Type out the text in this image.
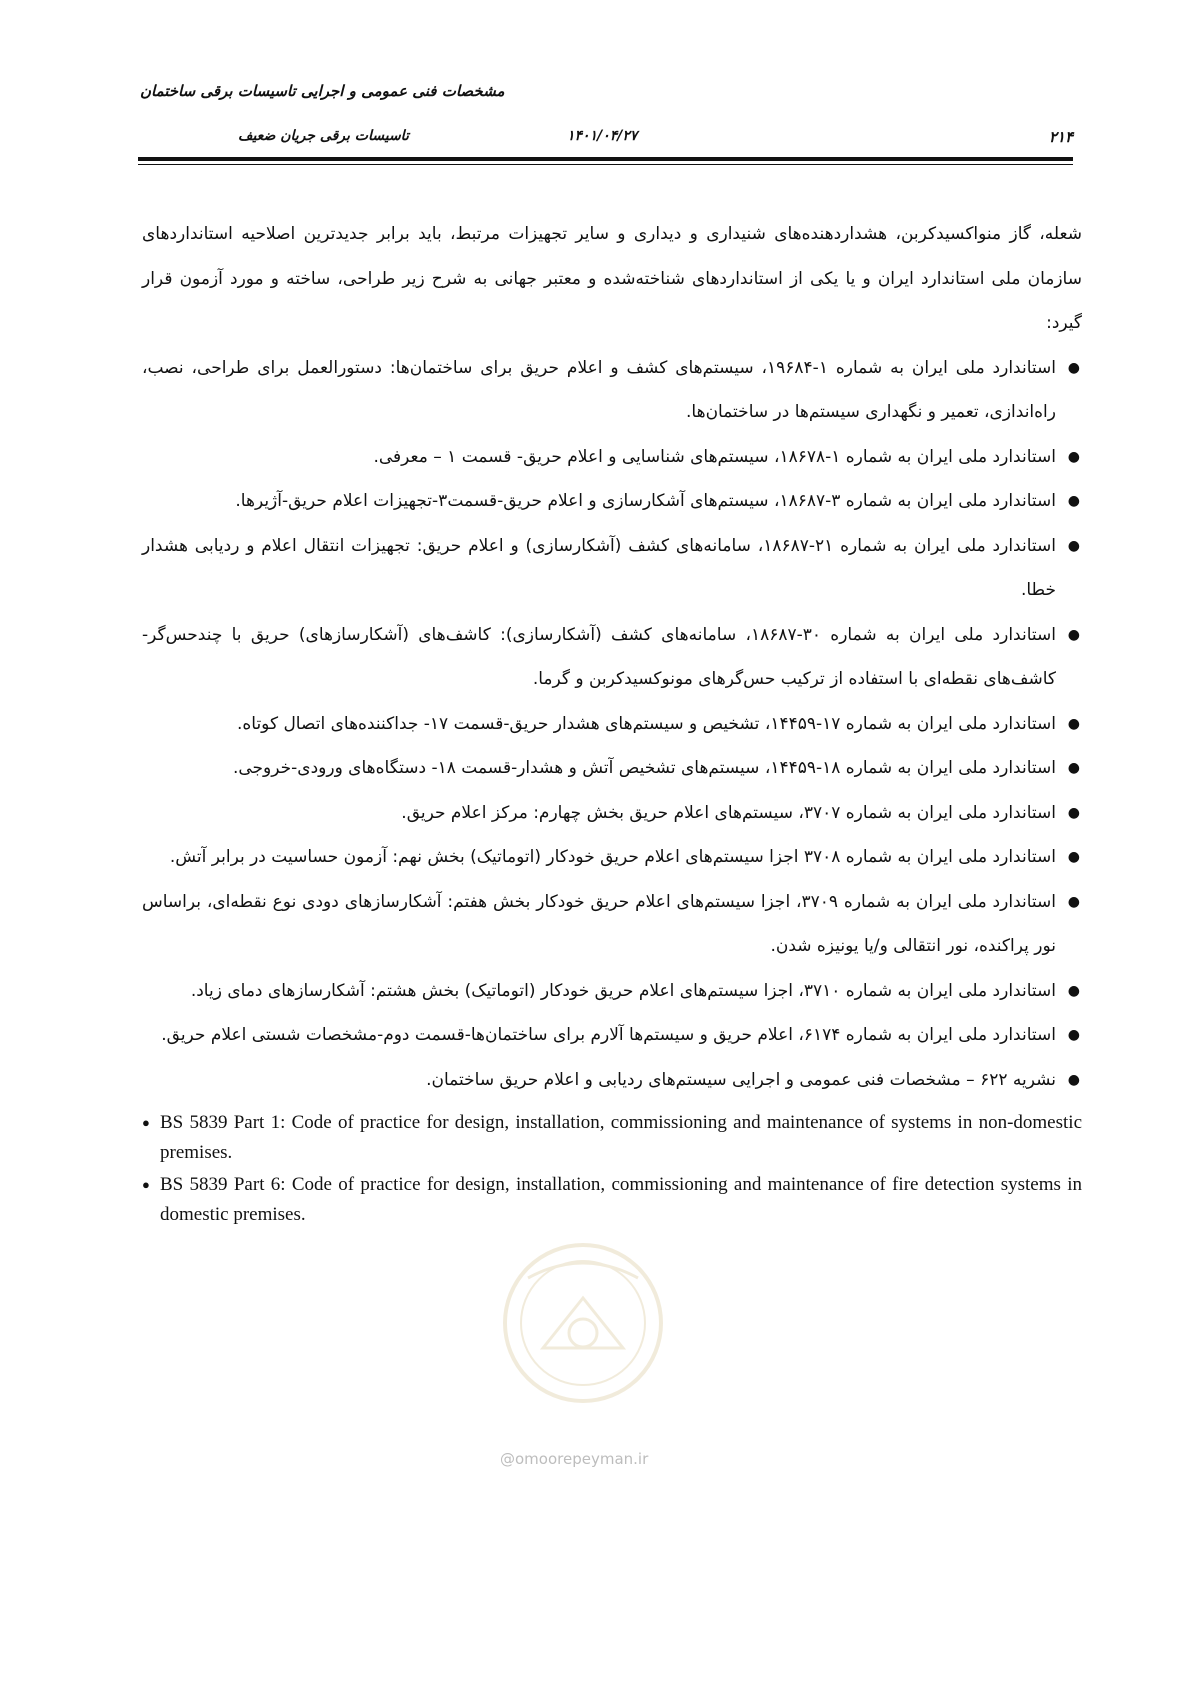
مشخصات فنی عمومی و اجرایی تاسیسات برقی ساختمان
۲۱۴
۱۴۰۱/۰۴/۲۷
تاسیسات برقی جریان ضعیف

شعله، گاز منواکسیدکربن، هشداردهنده‌های شنیداری و دیداری و سایر تجهیزات مرتبط، باید برابر جدیدترین اصلاحیه استانداردهای سازمان ملی استاندارد ایران و یا یکی از استانداردهای شناخته‌شده و معتبر جهانی به شرح زیر طراحی، ساخته و مورد آزمون قرار گیرد:

●
استاندارد ملی ایران به شماره ۱-۱۹۶۸۴، سیستم‌های کشف و اعلام حریق برای ساختمان‌ها: دستورالعمل برای طراحی، نصب، راه‌اندازی، تعمیر و نگهداری سیستم‌ها در ساختمان‌ها.
●
استاندارد ملی ایران به شماره ۱-۱۸۶۷۸، سیستم‌های شناسایی و اعلام حریق- قسمت ۱ – معرفی.
●
استاندارد ملی ایران به شماره ۳-۱۸۶۸۷، سیستم‌های آشکارسازی و اعلام حریق-قسمت۳-تجهیزات اعلام حریق-آژیرها.
●
استاندارد ملی ایران به شماره ۲۱-۱۸۶۸۷، سامانه‌های کشف (آشکارسازی) و اعلام حریق: تجهیزات انتقال اعلام و ردیابی هشدار خطا.
●
استاندارد ملی ایران به شماره ۳۰-۱۸۶۸۷، سامانه‌های کشف (آشکارسازی): کاشف‌های (آشکارسازهای) حریق با چندحس‌گر- کاشف‌های نقطه‌ای با استفاده از ترکیب حس‌گرهای مونوکسیدکربن و گرما.
●
استاندارد ملی ایران به شماره ۱۷-۱۴۴۵۹، تشخیص و سیستم‌های هشدار حریق-قسمت ۱۷- جداکننده‌های اتصال کوتاه.
●
استاندارد ملی ایران به شماره ۱۸-۱۴۴۵۹، سیستم‌های تشخیص آتش و هشدار-قسمت ۱۸- دستگاه‌های ورودی-خروجی.
●
استاندارد ملی ایران به شماره ۳۷۰۷، سیستم‌های اعلام حریق بخش چهارم: مرکز اعلام حریق.
●
استاندارد ملی ایران به شماره ۳۷۰۸ اجزا سیستم‌های اعلام حریق خودکار (اتوماتیک) بخش نهم: آزمون حساسیت در برابر آتش.
●
استاندارد ملی ایران به شماره ۳۷۰۹، اجزا سیستم‌های اعلام حریق خودکار بخش هفتم: آشکارسازهای دودی نوع نقطه‌ای، براساس نور پراکنده، نور انتقالی و/یا یونیزه شدن.
●
استاندارد ملی ایران به شماره ۳۷۱۰، اجزا سیستم‌های اعلام حریق خودکار (اتوماتیک) بخش هشتم: آشکارسازهای دمای زیاد.
●
استاندارد ملی ایران به شماره ۶۱۷۴، اعلام حریق و سیستم‌ها آلارم برای ساختمان‌ها-قسمت دوم-مشخصات شستی اعلام حریق.
●
نشریه ۶۲۲ – مشخصات فنی عمومی و اجرایی سیستم‌های ردیابی و اعلام حریق ساختمان.
● BS 5839 Part 1: Code of practice for design, installation, commissioning and maintenance of systems in non-domestic premises.
● BS 5839 Part 6: Code of practice for design, installation, commissioning and maintenance of fire detection systems in domestic premises.
@omoorepeyman.ir
